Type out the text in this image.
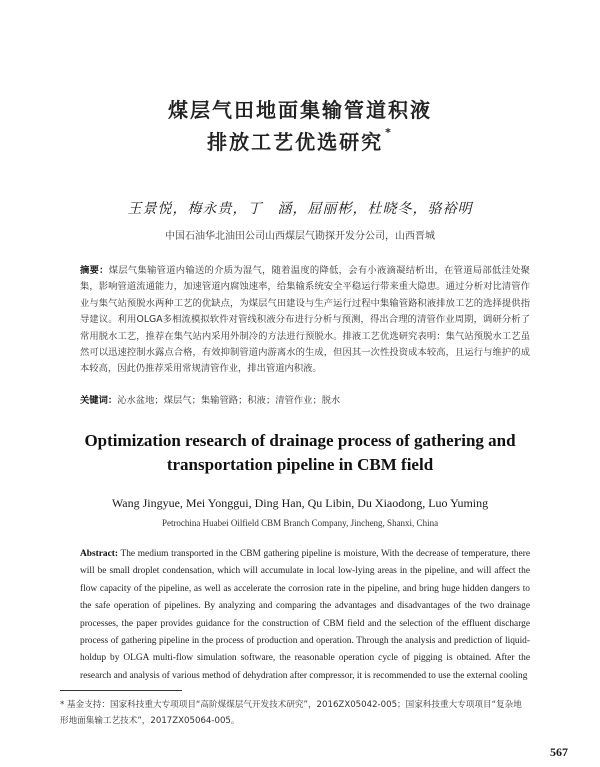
煤层气田地面集输管道积液
排放工艺优选研究 *
王景悦，梅永贵，丁　涵，屈丽彬，杜晓冬，骆裕明
中国石油华北油田公司山西煤层气勘探开发分公司，山西晋城
摘要：煤层气集输管道内输送的介质为湿气，随着温度的降低，会有小液滴凝结析出，在管道局部低洼处聚集，影响管道流通能力，加速管道内腐蚀速率，给集输系统安全平稳运行带来重大隐患。通过分析对比清管作业与集气站预脱水两种工艺的优缺点，为煤层气田建设与生产运行过程中集输管路积液排放工艺的选择提供指导建议。利用OLGA多相流模拟软件对管线积液分布进行分析与预测，得出合理的清管作业周期，调研分析了常用脱水工艺，推荐在集气站内采用外制冷的方法进行预脱水。排液工艺优选研究表明：集气站预脱水工艺虽然可以迅速控制水露点合格，有效抑制管道内游离水的生成，但因其一次性投资成本较高，且运行与维护的成本较高，因此仍推荐采用常规清管作业，排出管道内积液。
关键词：沁水盆地；煤层气；集输管路；积液；清管作业；脱水
Optimization research of drainage process of gathering and
transportation pipeline in CBM field
Wang Jingyue, Mei Yonggui, Ding Han, Qu Libin, Du Xiaodong, Luo Yuming
Petrochina Huabei Oilfield CBM Branch Company, Jincheng, Shanxi, China
Abstract: The medium transported in the CBM gathering pipeline is moisture, With the decrease of temperature, there will be small droplet condensation, which will accumulate in local low-lying areas in the pipeline, and will affect the flow capacity of the pipeline, as well as accelerate the corrosion rate in the pipeline, and bring huge hidden dangers to the safe operation of pipelines. By analyzing and comparing the advantages and disadvantages of the two drainage processes, the paper provides guidance for the construction of CBM field and the selection of the effluent discharge process of gathering pipeline in the process of production and operation. Through the analysis and prediction of liquid-holdup by OLGA multi-flow simulation software, the reasonable operation cycle of pigging is obtained. After the research and analysis of various method of dehydration after compressor, it is recommended to use the external cooling
* 基金支持：国家科技重大专项项目“高阶煤煤层气开发技术研究”，2016ZX05042-005；国家科技重大专项项目“复杂地形地面集输工艺技术”，2017ZX05064-005。
567
